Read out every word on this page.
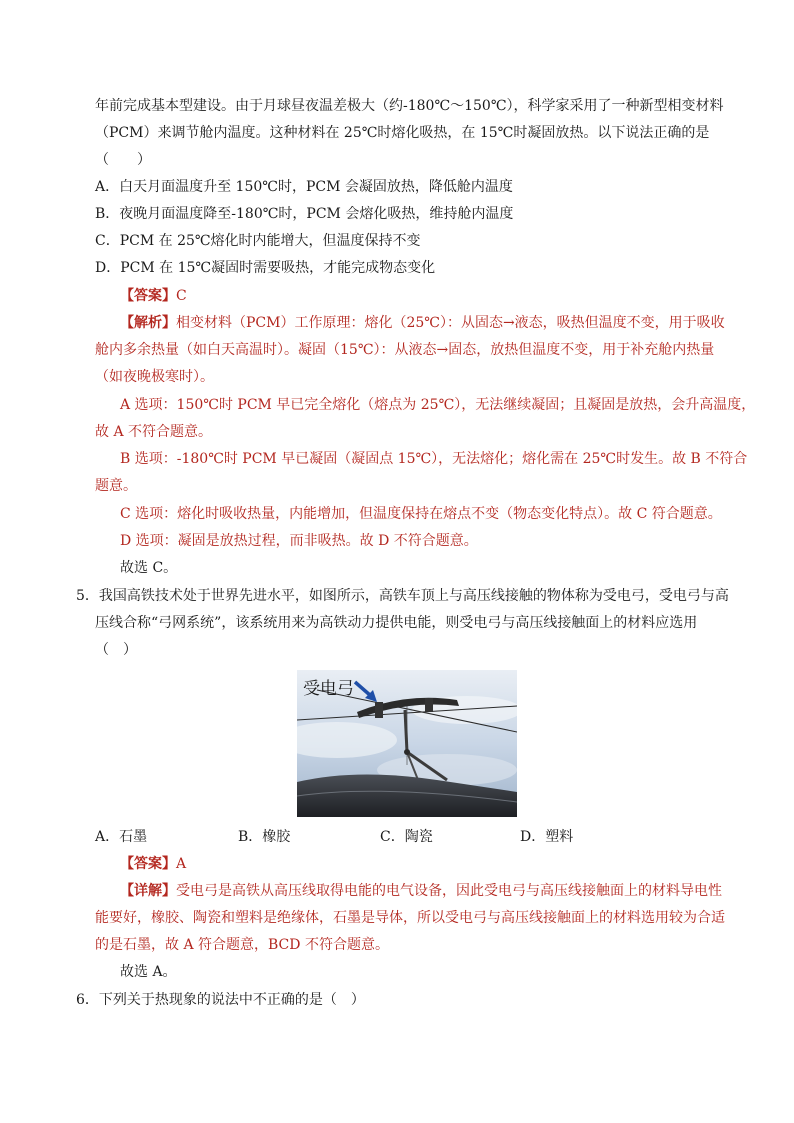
年前完成基本型建设。由于月球昼夜温差极大（约-180℃～150℃），科学家采用了一种新型相变材料
（PCM）来调节舱内温度。这种材料在 25℃时熔化吸热，在 15℃时凝固放热。以下说法正确的是
（　　）
A．白天月面温度升至 150℃时，PCM 会凝固放热，降低舱内温度
B．夜晚月面温度降至-180℃时，PCM 会熔化吸热，维持舱内温度
C．PCM 在 25℃熔化时内能增大，但温度保持不变
D．PCM 在 15℃凝固时需要吸热，才能完成物态变化
【答案】C
【解析】相变材料（PCM）工作原理：熔化（25℃）：从固态→液态，吸热但温度不变，用于吸收
舱内多余热量（如白天高温时）。凝固（15℃）：从液态→固态，放热但温度不变，用于补充舱内热量
（如夜晚极寒时）。
A 选项：150℃时 PCM 早已完全熔化（熔点为 25℃），无法继续凝固；且凝固是放热，会升高温度，
故 A 不符合题意。
B 选项：-180℃时 PCM 早已凝固（凝固点 15℃），无法熔化；熔化需在 25℃时发生。故 B 不符合
题意。
C 选项：熔化时吸收热量，内能增加，但温度保持在熔点不变（物态变化特点）。故 C 符合题意。
D 选项：凝固是放热过程，而非吸热。故 D 不符合题意。
故选 C。
5．我国高铁技术处于世界先进水平，如图所示，高铁车顶上与高压线接触的物体称为受电弓，受电弓与高
压线合称“弓网系统”，该系统用来为高铁动力提供电能，则受电弓与高压线接触面上的材料应选用
（　）
受电弓
A．石墨	B．橡胶	C．陶瓷	D．塑料
【答案】A
【详解】受电弓是高铁从高压线取得电能的电气设备，因此受电弓与高压线接触面上的材料导电性
能要好，橡胶、陶瓷和塑料是绝缘体，石墨是导体，所以受电弓与高压线接触面上的材料选用较为合适
的是石墨，故 A 符合题意，BCD 不符合题意。
故选 A。
6．下列关于热现象的说法中不正确的是（　）
